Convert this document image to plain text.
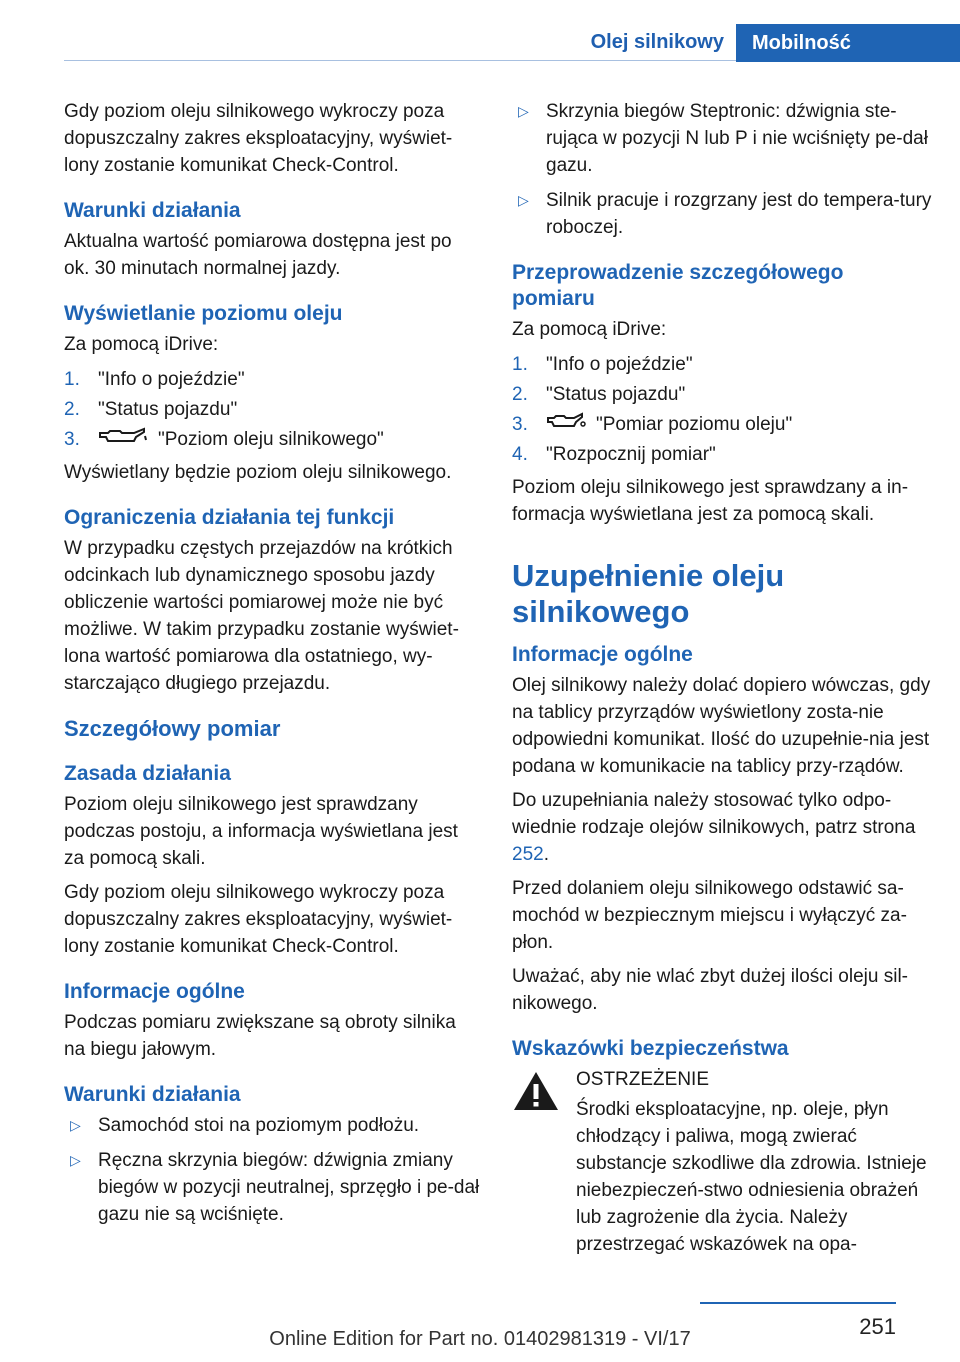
Olej silnikowy	Mobilność

Gdy poziom oleju silnikowego wykroczy poza dopuszczalny zakres eksploatacyjny, wyświet-lony zostanie komunikat Check-Control.

Warunki działania

Aktualna wartość pomiarowa dostępna jest po ok. 30 minutach normalnej jazdy.

Wyświetlanie poziomu oleju

Za pomocą iDrive:

1. "Info o pojeździe"
2. "Status pojazdu"
3.	"Poziom oleju silnikowego"

Wyświetlany będzie poziom oleju silnikowego.

Ograniczenia działania tej funkcji

W przypadku częstych przejazdów na krótkich odcinkach lub dynamicznego sposobu jazdy obliczenie wartości pomiarowej może nie być możliwe. W takim przypadku zostanie wyświet-lona wartość pomiarowa dla ostatniego, wy-starczająco długiego przejazdu.

Szczegółowy pomiar
Zasada działania

Poziom oleju silnikowego jest sprawdzany podczas postoju, a informacja wyświetlana jest za pomocą skali.

Gdy poziom oleju silnikowego wykroczy poza dopuszczalny zakres eksploatacyjny, wyświet-lony zostanie komunikat Check-Control.

Informacje ogólne

Podczas pomiaru zwiększane są obroty silnika na biegu jałowym.

Warunki działania
▷ Samochód stoi na poziomym podłożu.
▷ Ręczna skrzynia biegów: dźwignia zmiany biegów w pozycji neutralnej, sprzęgło i pe-dał gazu nie są wciśnięte.
▷ Skrzynia biegów Steptronic: dźwignia ste-rująca w pozycji N lub P i nie wciśnięty pe-dał gazu.
▷ Silnik pracuje i rozgrzany jest do tempera-tury roboczej.
Przeprowadzenie szczegółowego pomiaru

Za pomocą iDrive:

1. "Info o pojeździe"
2. "Status pojazdu"
3.	"Pomiar poziomu oleju"
4. "Rozpocznij pomiar"

Poziom oleju silnikowego jest sprawdzany a in-formacja wyświetlana jest za pomocą skali.

Uzupełnienie oleju silnikowego
Informacje ogólne

Olej silnikowy należy dolać dopiero wówczas, gdy na tablicy przyrządów wyświetlony zosta-nie odpowiedni komunikat. Ilość do uzupełnie-nia jest podana w komunikacie na tablicy przy-rządów.

Do uzupełniania należy stosować tylko odpo-wiednie rodzaje olejów silnikowych, patrz strona 252.

Przed dolaniem oleju silnikowego odstawić sa-mochód w bezpiecznym miejscu i wyłączyć za-płon.

Uważać, aby nie wlać zbyt dużej ilości oleju sil-nikowego.

Wskazówki bezpieczeństwa

OSTRZEŻENIE

Środki eksploatacyjne, np. oleje, płyn chłodzący i paliwa, mogą zwierać substancje szkodliwe dla zdrowia. Istnieje niebezpieczeń-stwo odniesienia obrażeń lub zagrożenie dla życia. Należy przestrzegać wskazówek na opa-

251
Online Edition for Part no. 01402981319 - VI/17
